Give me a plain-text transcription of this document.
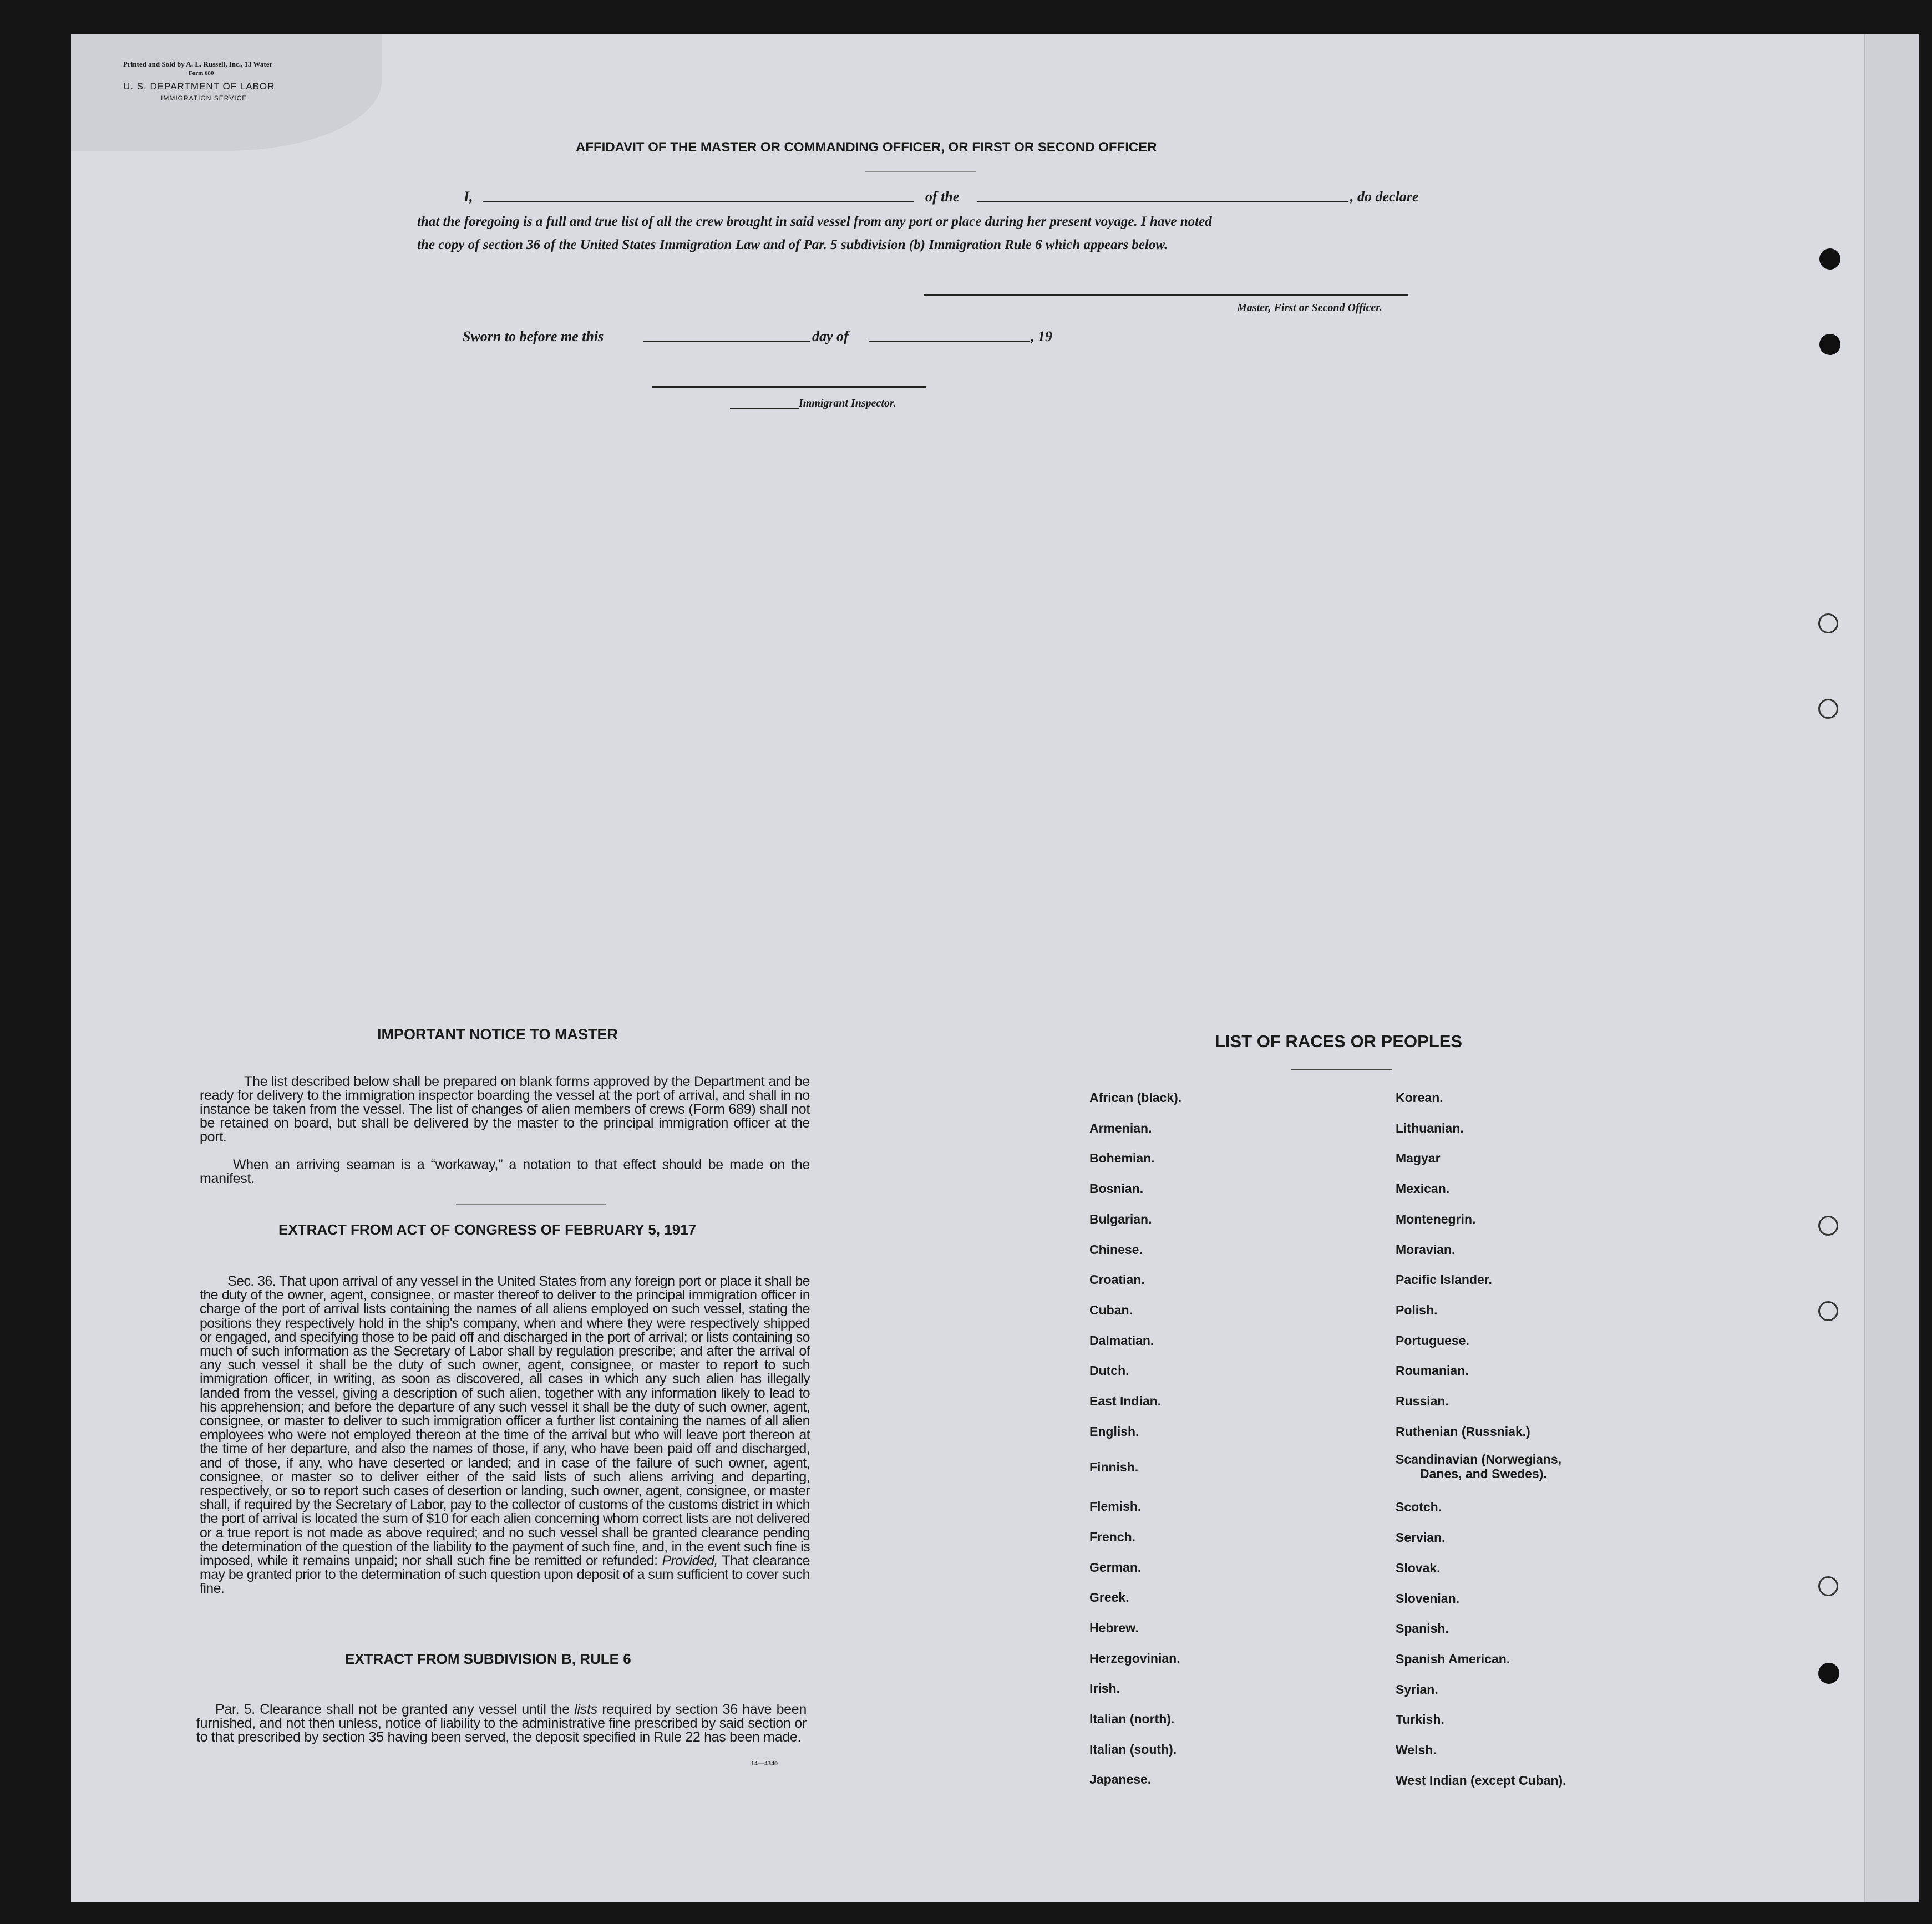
Printed and Sold by A. L. Russell, Inc., 13 Water
Form 680
U. S. DEPARTMENT OF LABOR
IMMIGRATION SERVICE
AFFIDAVIT OF THE MASTER OR COMMANDING OFFICER, OR FIRST OR SECOND OFFICER
I,	of the	, do declare
that the foregoing is a full and true list of all the crew brought in said vessel from any port or place during her present voyage. I have noted
the copy of section 36 of the United States Immigration Law and of Par. 5 subdivision (b) Immigration Rule 6 which appears below.
Master, First or Second Officer.
Sworn to before me this	day of	, 19
Immigrant Inspector.
IMPORTANT NOTICE TO MASTER
The list described below shall be prepared on blank forms approved by the Department and be ready for delivery to the immigration inspector boarding the vessel at the port of arrival, and shall in no instance be taken from the vessel. The list of changes of alien members of crews (Form 689) shall not be retained on board, but shall be delivered by the master to the principal immigration officer at the port.
When an arriving seaman is a “workaway,” a notation to that effect should be made on the manifest.
EXTRACT FROM ACT OF CONGRESS OF FEBRUARY 5, 1917
Sec. 36. That upon arrival of any vessel in the United States from any foreign port or place it shall be the duty of the owner, agent, consignee, or master thereof to deliver to the principal immigration officer in charge of the port of arrival lists containing the names of all aliens employed on such vessel, stating the positions they respectively hold in the ship's company, when and where they were respectively shipped or engaged, and specifying those to be paid off and discharged in the port of arrival; or lists containing so much of such information as the Secretary of Labor shall by regulation prescribe; and after the arrival of any such vessel it shall be the duty of such owner, agent, consignee, or master to report to such immigration officer, in writing, as soon as discovered, all cases in which any such alien has illegally landed from the vessel, giving a description of such alien, together with any information likely to lead to his apprehension; and before the departure of any such vessel it shall be the duty of such owner, agent, consignee, or master to deliver to such immigration officer a further list containing the names of all alien employees who were not employed thereon at the time of the arrival but who will leave port thereon at the time of her departure, and also the names of those, if any, who have been paid off and discharged, and of those, if any, who have deserted or landed; and in case of the failure of such owner, agent, consignee, or master so to deliver either of the said lists of such aliens arriving and departing, respectively, or so to report such cases of desertion or landing, such owner, agent, consignee, or master shall, if required by the Secretary of Labor, pay to the collector of customs of the customs district in which the port of arrival is located the sum of $10 for each alien concerning whom correct lists are not delivered or a true report is not made as above required; and no such vessel shall be granted clearance pending the determination of the question of the liability to the payment of such fine, and, in the event such fine is imposed, while it remains unpaid; nor shall such fine be remitted or refunded: Provided, That clearance may be granted prior to the determination of such question upon deposit of a sum sufficient to cover such fine.
EXTRACT FROM SUBDIVISION B, RULE 6
Par. 5. Clearance shall not be granted any vessel until the lists required by section 36 have been furnished, and not then unless, notice of liability to the administrative fine prescribed by said section or to that prescribed by section 35 having been served, the deposit specified in Rule 22 has been made.
14—4340
LIST OF RACES OR PEOPLES
African (black).
Armenian.
Bohemian.
Bosnian.
Bulgarian.
Chinese.
Croatian.
Cuban.
Dalmatian.
Dutch.
East Indian.
English.
Finnish.
Flemish.
French.
German.
Greek.
Hebrew.
Herzegovinian.
Irish.
Italian (north).
Italian (south).
Japanese.
Korean.
Lithuanian.
Magyar
Mexican.
Montenegrin.
Moravian.
Pacific Islander.
Polish.
Portuguese.
Roumanian.
Russian.
Ruthenian (Russniak.)
Scandinavian (Norwegians,
Danes, and Swedes).
Scotch.
Servian.
Slovak.
Slovenian.
Spanish.
Spanish American.
Syrian.
Turkish.
Welsh.
West Indian (except Cuban).
